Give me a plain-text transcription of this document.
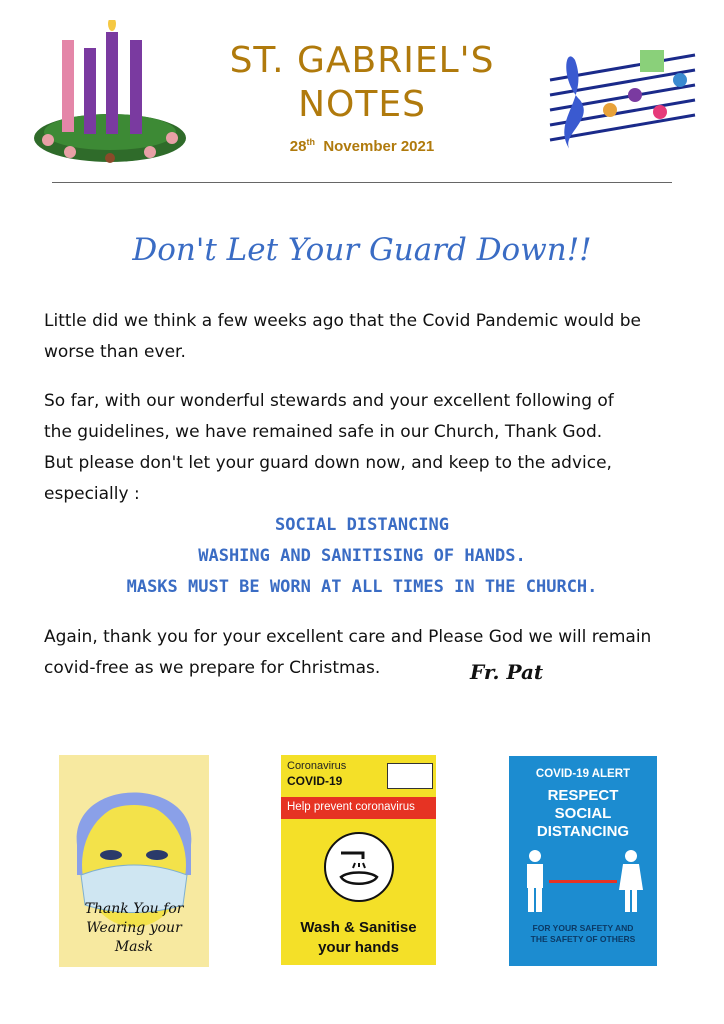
ST. GABRIEL'S
NOTES
28th November 2021
Don't Let Your Guard Down!!
Little did we think a few weeks ago that the Covid Pandemic would be worse than ever.
So far, with our wonderful stewards and your excellent following of
the guidelines, we have remained safe in our Church, Thank God.
But please don't let your guard down now, and keep to the advice,
especially :
SOCIAL DISTANCING
WASHING AND SANITISING OF HANDS.
MASKS MUST BE WORN AT ALL TIMES IN THE CHURCH.
Again, thank you for your excellent care and Please God we will remain
covid-free as we prepare for Christmas.	Fr. Pat
Thank You for
Wearing your
Mask
Coronavirus
COVID-19
Help prevent coronavirus
Wash & Sanitise
your hands
COVID-19 ALERT
RESPECT
SOCIAL
DISTANCING
FOR YOUR SAFETY AND
THE SAFETY OF OTHERS
